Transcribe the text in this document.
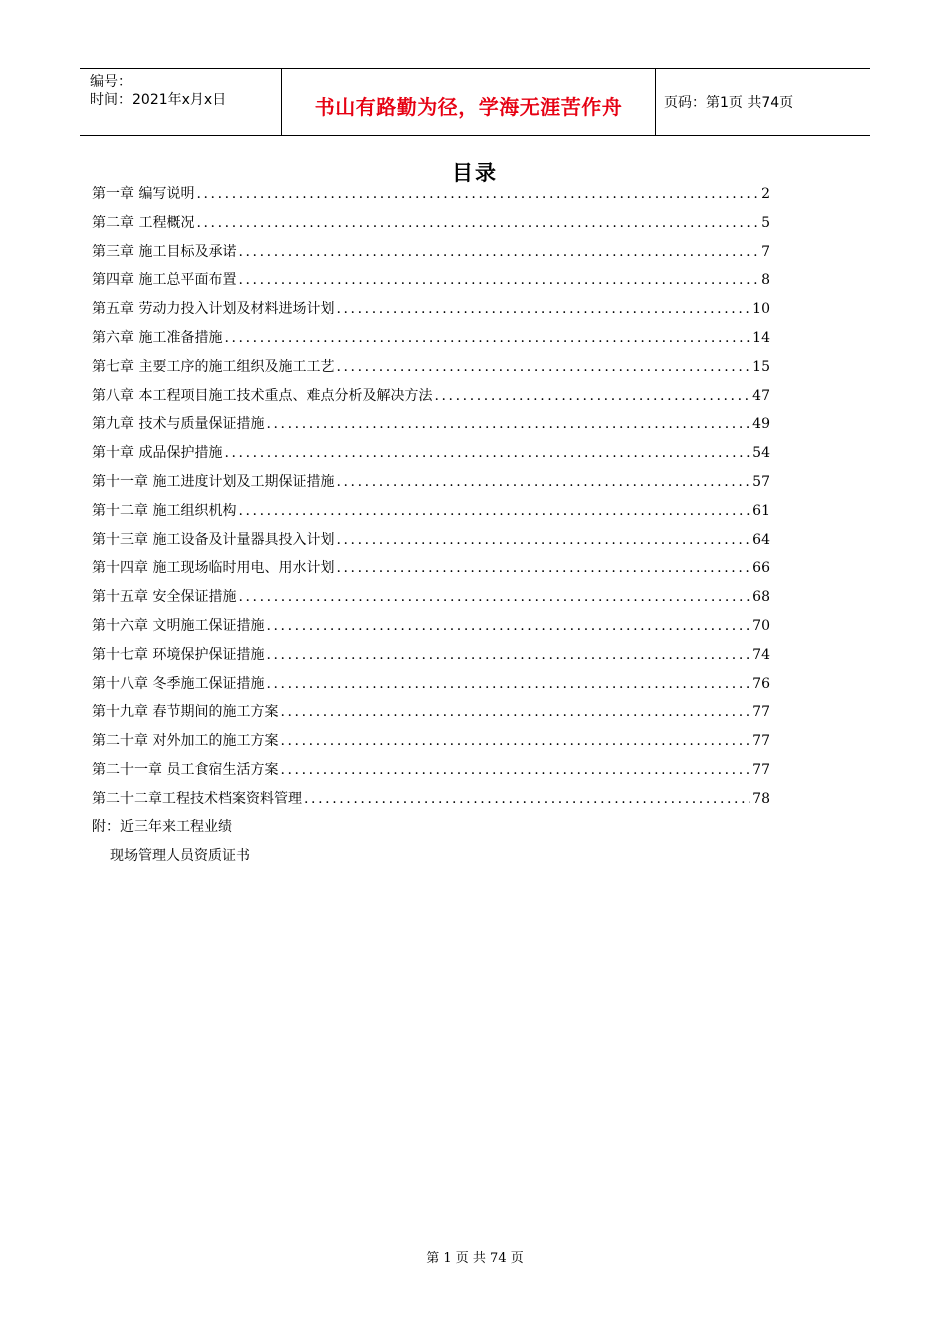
编号：
时间：2021年x月x日	书山有路勤为径，学海无涯苦作舟	页码：第1页 共74页
目录
第一章 编写说明 .....	2
第二章 工程概况 .....	5
第三章 施工目标及承诺 .....	7
第四章 施工总平面布置 .....	8
第五章 劳动力投入计划及材料进场计划 .....	10
第六章 施工准备措施 .....	14
第七章 主要工序的施工组织及施工工艺 .....	15
第八章 本工程项目施工技术重点、难点分析及解决方法 .....	47
第九章 技术与质量保证措施 .....	49
第十章 成品保护措施 .....	54
第十一章 施工进度计划及工期保证措施 .....	57
第十二章 施工组织机构 .....	61
第十三章 施工设备及计量器具投入计划 .....	64
第十四章 施工现场临时用电、用水计划 .....	66
第十五章 安全保证措施 .....	68
第十六章 文明施工保证措施 .....	70
第十七章 环境保护保证措施 .....	74
第十八章 冬季施工保证措施 .....	76
第十九章 春节期间的施工方案 .....	77
第二十章 对外加工的施工方案 .....	77
第二十一章 员工食宿生活方案 .....	77
第二十二章工程技术档案资料管理 .....	78
附：近三年来工程业绩
现场管理人员资质证书
第 1 页 共 74 页
